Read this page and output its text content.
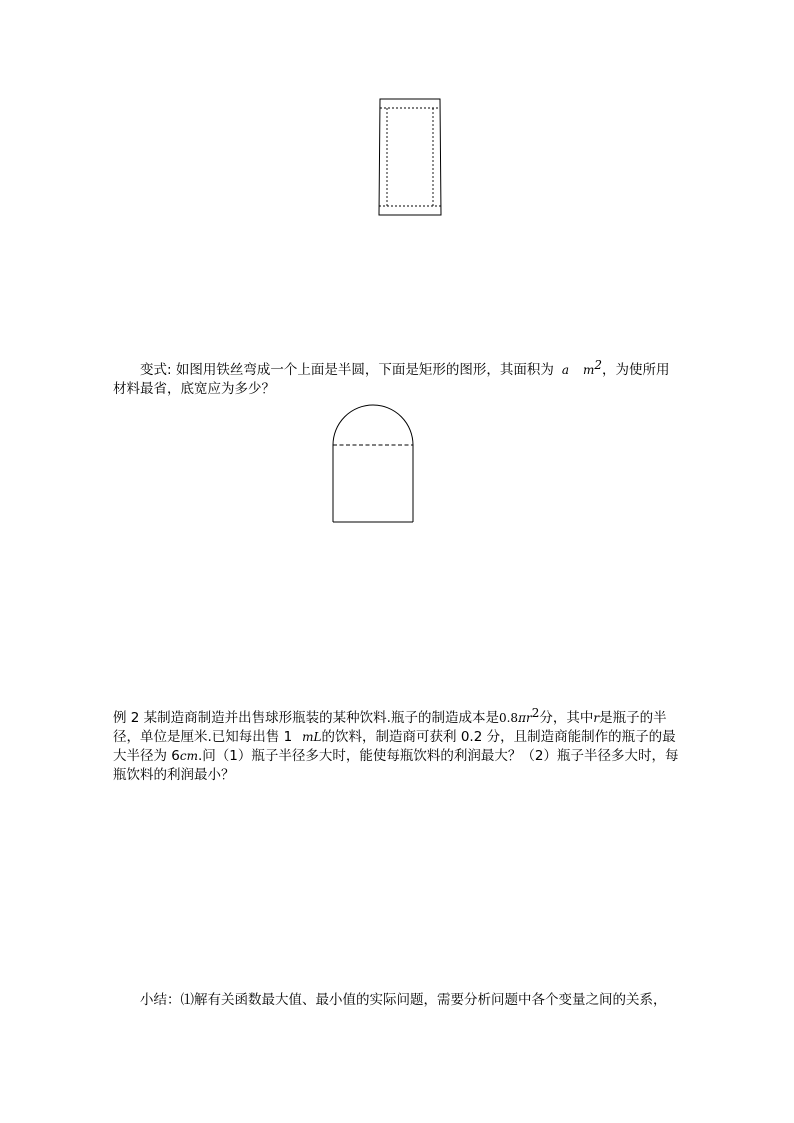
变式: 如图用铁丝弯成一个上面是半圆，下面是矩形的图形，其面积为 a $m^2$，为使所用材料最省，底宽应为多少？
例 2 某制造商制造并出售球形瓶装的某种饮料.瓶子的制造成本是$0.8\pi r^2$分，其中r是瓶子的半径，单位是厘米.已知每出售 1 mL的饮料，制造商可获利 0.2 分，且制造商能制作的瓶子的最大半径为 6cm.问（1）瓶子半径多大时，能使每瓶饮料的利润最大？（2）瓶子半径多大时，每瓶饮料的利润最小？
小结：⑴解有关函数最大值、最小值的实际问题，需要分析问题中各个变量之间的关系，
